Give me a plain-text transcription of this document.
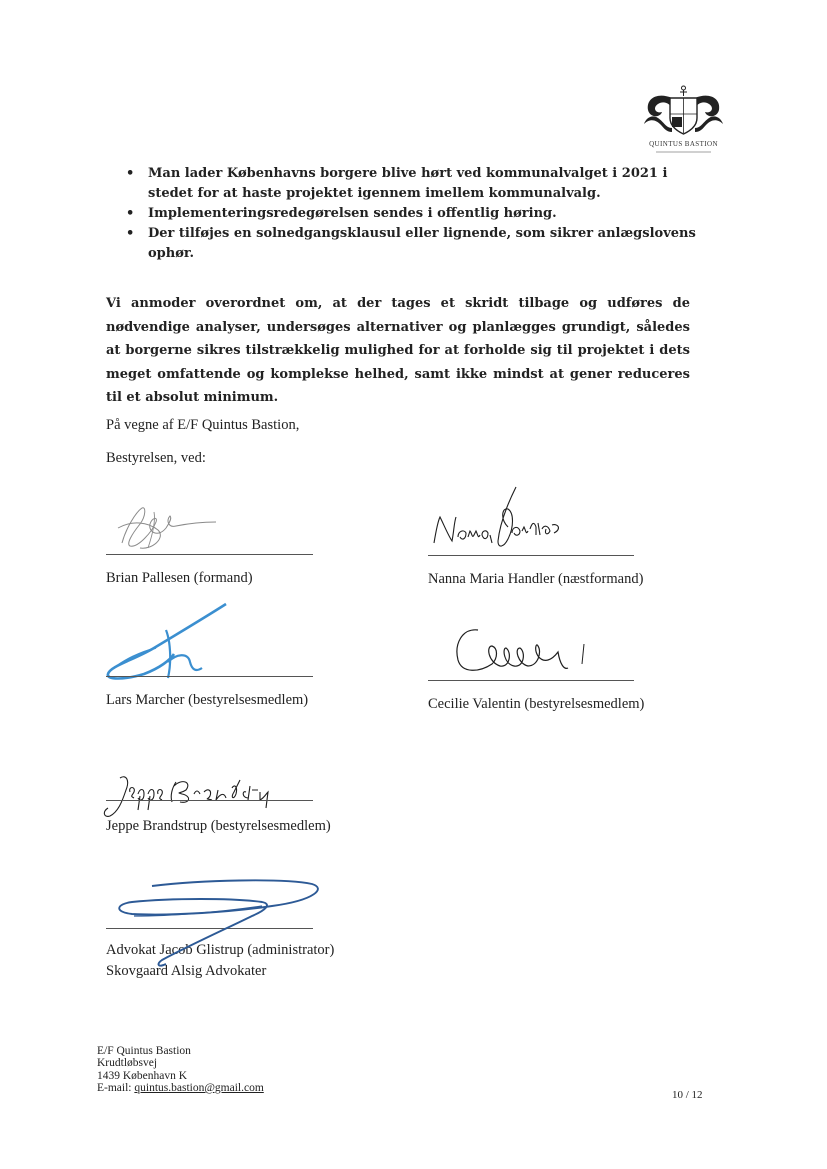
QUINTUS BASTION
• Man lader Københavns borgere blive hørt ved kommunalvalget i 2021 i stedet for at haste projektet igennem imellem kommunalvalg.
• Implementeringsredegørelsen sendes i offentlig høring.
• Der tilføjes en solnedgangsklausul eller lignende, som sikrer anlægslovens ophør.

Vi anmoder overordnet om, at der tages et skridt tilbage og udføres de nødvendige analyser, undersøges alternativer og planlægges grundigt, således at borgerne sikres tilstrækkelig mulighed for at forholde sig til projektet i dets meget omfattende og komplekse helhed, samt ikke mindst at gener reduceres til et absolut minimum.

På vegne af E/F Quintus Bastion,
Bestyrelsen, ved:
Brian Pallesen (formand)	Nanna Maria Handler (næstformand)
Lars Marcher (bestyrelsesmedlem)	Cecilie Valentin (bestyrelsesmedlem)
Jeppe Brandstrup (bestyrelsesmedlem)
Advokat Jacob Glistrup (administrator)
Skovgaard Alsig Advokater
E/F Quintus Bastion
Krudtløbsvej
1439 København K
E-mail: quintus.bastion@gmail.com
10 / 12
